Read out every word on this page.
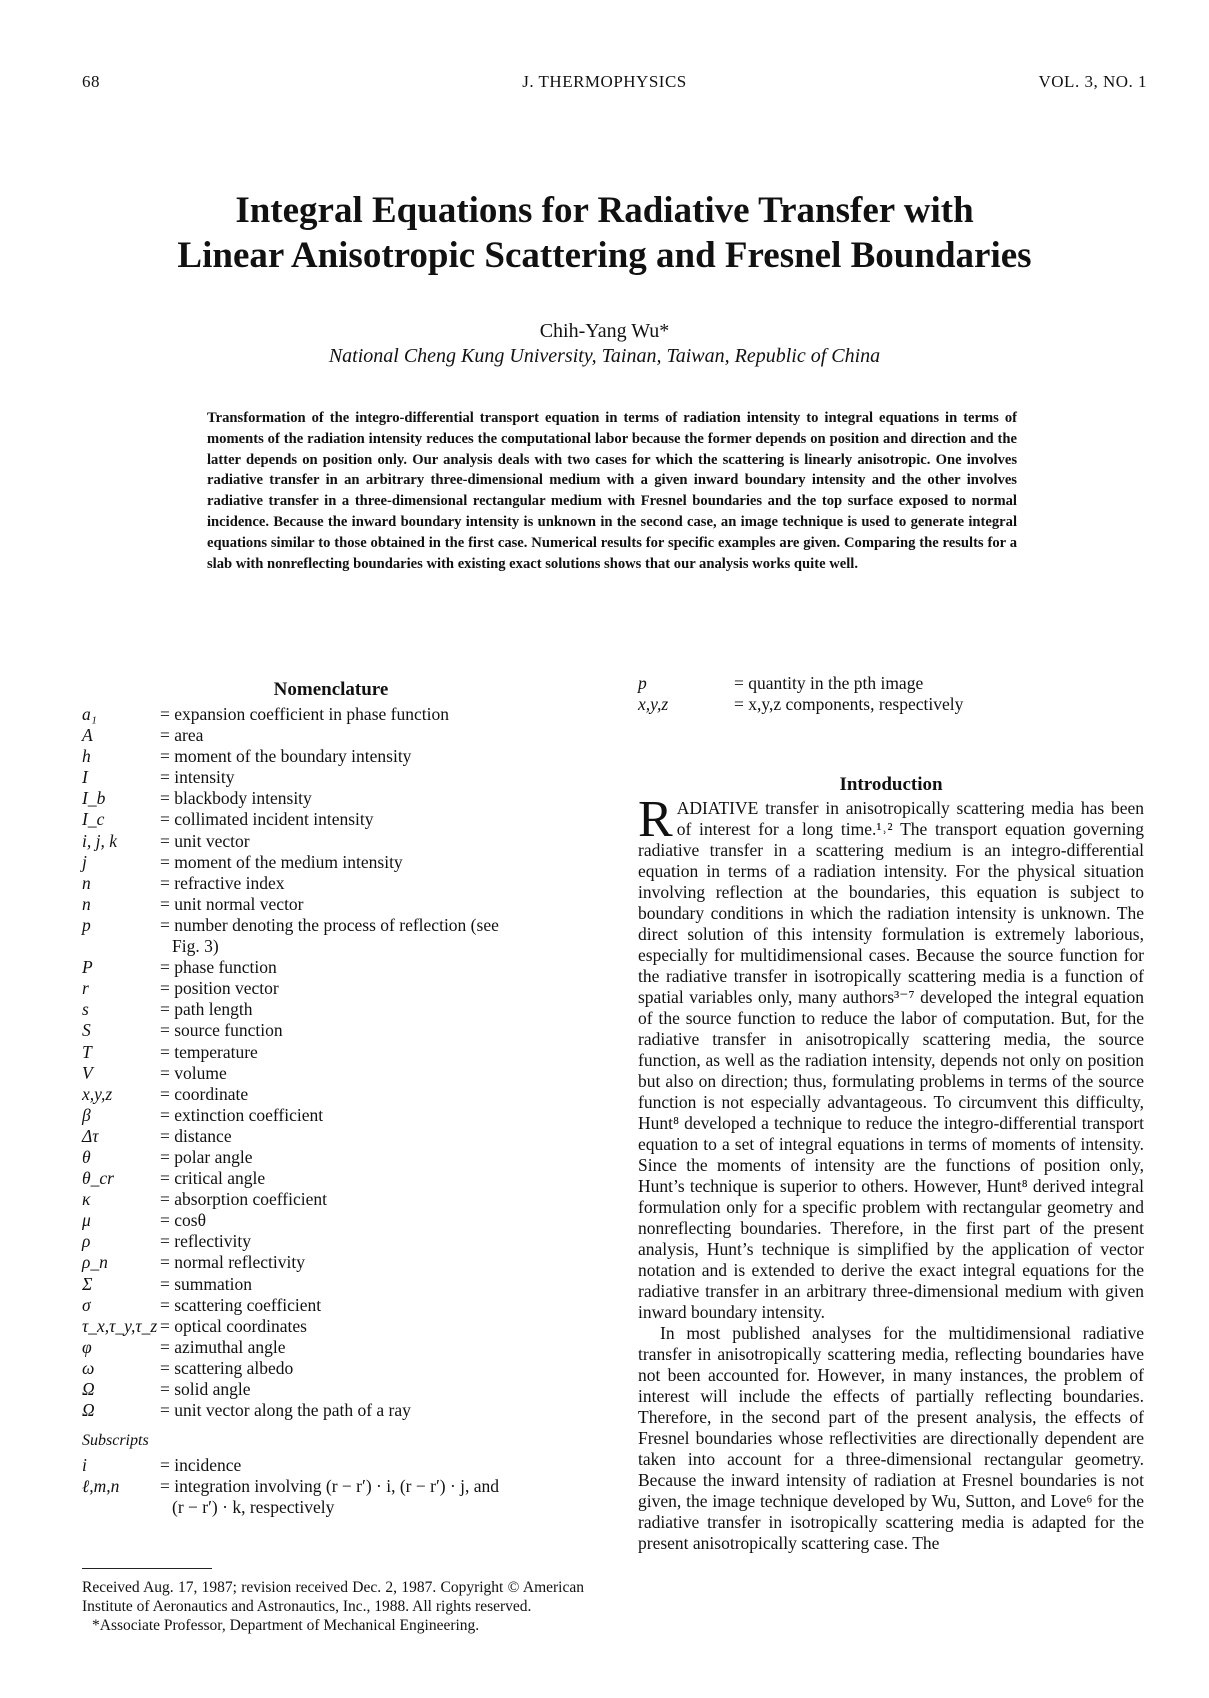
68	J. THERMOPHYSICS	VOL. 3, NO. 1
Integral Equations for Radiative Transfer with
Linear Anisotropic Scattering and Fresnel Boundaries
Chih-Yang Wu*
National Cheng Kung University, Tainan, Taiwan, Republic of China
Transformation of the integro-differential transport equation in terms of radiation intensity to integral equations in terms of moments of the radiation intensity reduces the computational labor because the former depends on position and direction and the latter depends on position only. Our analysis deals with two cases for which the scattering is linearly anisotropic. One involves radiative transfer in an arbitrary three-dimensional medium with a given inward boundary intensity and the other involves radiative transfer in a three-dimensional rectangular medium with Fresnel boundaries and the top surface exposed to normal incidence. Because the inward boundary intensity is unknown in the second case, an image technique is used to generate integral equations similar to those obtained in the first case. Numerical results for specific examples are given. Comparing the results for a slab with nonreflecting boundaries with existing exact solutions shows that our analysis works quite well.
Nomenclature
a₁	= expansion coefficient in phase function
A	= area
h	= moment of the boundary intensity
I	= intensity
I_b	= blackbody intensity
I_c	= collimated incident intensity
i, j, k	= unit vector
j	= moment of the medium intensity
n	= refractive index
n	= unit normal vector
p	= number denoting the process of reflection (see
Fig. 3)
P	= phase function
r	= position vector
s	= path length
S	= source function
T	= temperature
V	= volume
x,y,z	= coordinate
β	= extinction coefficient
Δτ	= distance
θ	= polar angle
θ_cr	= critical angle
κ	= absorption coefficient
μ	= cosθ
ρ	= reflectivity
ρ_n	= normal reflectivity
Σ	= summation
σ	= scattering coefficient
τ_x,τ_y,τ_z = optical coordinates
φ	= azimuthal angle
ω	= scattering albedo
Ω	= solid angle
Ω	= unit vector along the path of a ray
Subscripts
i	= incidence
ℓ,m,n	= integration involving (r − r′) · i, (r − r′) · j, and
(r − r′) · k, respectively
p	= quantity in the pth image
x,y,z	= x,y,z components, respectively
Introduction

RADIATIVE transfer in anisotropically scattering media has been of interest for a long time.¹˒² The transport equation governing radiative transfer in a scattering medium is an integro-differential equation in terms of a radiation intensity. For the physical situation involving reflection at the boundaries, this equation is subject to boundary conditions in which the radiation intensity is unknown. The direct solution of this intensity formulation is extremely laborious, especially for multidimensional cases. Because the source function for the radiative transfer in isotropically scattering media is a function of spatial variables only, many authors³⁻⁷ developed the integral equation of the source function to reduce the labor of computation. But, for the radiative transfer in anisotropically scattering media, the source function, as well as the radiation intensity, depends not only on position but also on direction; thus, formulating problems in terms of the source function is not especially advantageous. To circumvent this difficulty, Hunt⁸ developed a technique to reduce the integro-differential transport equation to a set of integral equations in terms of moments of intensity. Since the moments of intensity are the functions of position only, Hunt’s technique is superior to others. However, Hunt⁸ derived integral formulation only for a specific problem with rectangular geometry and nonreflecting boundaries. Therefore, in the first part of the present analysis, Hunt’s technique is simplified by the application of vector notation and is extended to derive the exact integral equations for the radiative transfer in an arbitrary three-dimensional medium with given inward boundary intensity.

In most published analyses for the multidimensional radiative transfer in anisotropically scattering media, reflecting boundaries have not been accounted for. However, in many instances, the problem of interest will include the effects of partially reflecting boundaries. Therefore, in the second part of the present analysis, the effects of Fresnel boundaries whose reflectivities are directionally dependent are taken into account for a three-dimensional rectangular geometry. Because the inward intensity of radiation at Fresnel boundaries is not given, the image technique developed by Wu, Sutton, and Love⁶ for the radiative transfer in isotropically scattering media is adapted for the present anisotropically scattering case. The

Received Aug. 17, 1987; revision received Dec. 2, 1987. Copyright © American Institute of Aeronautics and Astronautics, Inc., 1988. All rights reserved.

*Associate Professor, Department of Mechanical Engineering.
